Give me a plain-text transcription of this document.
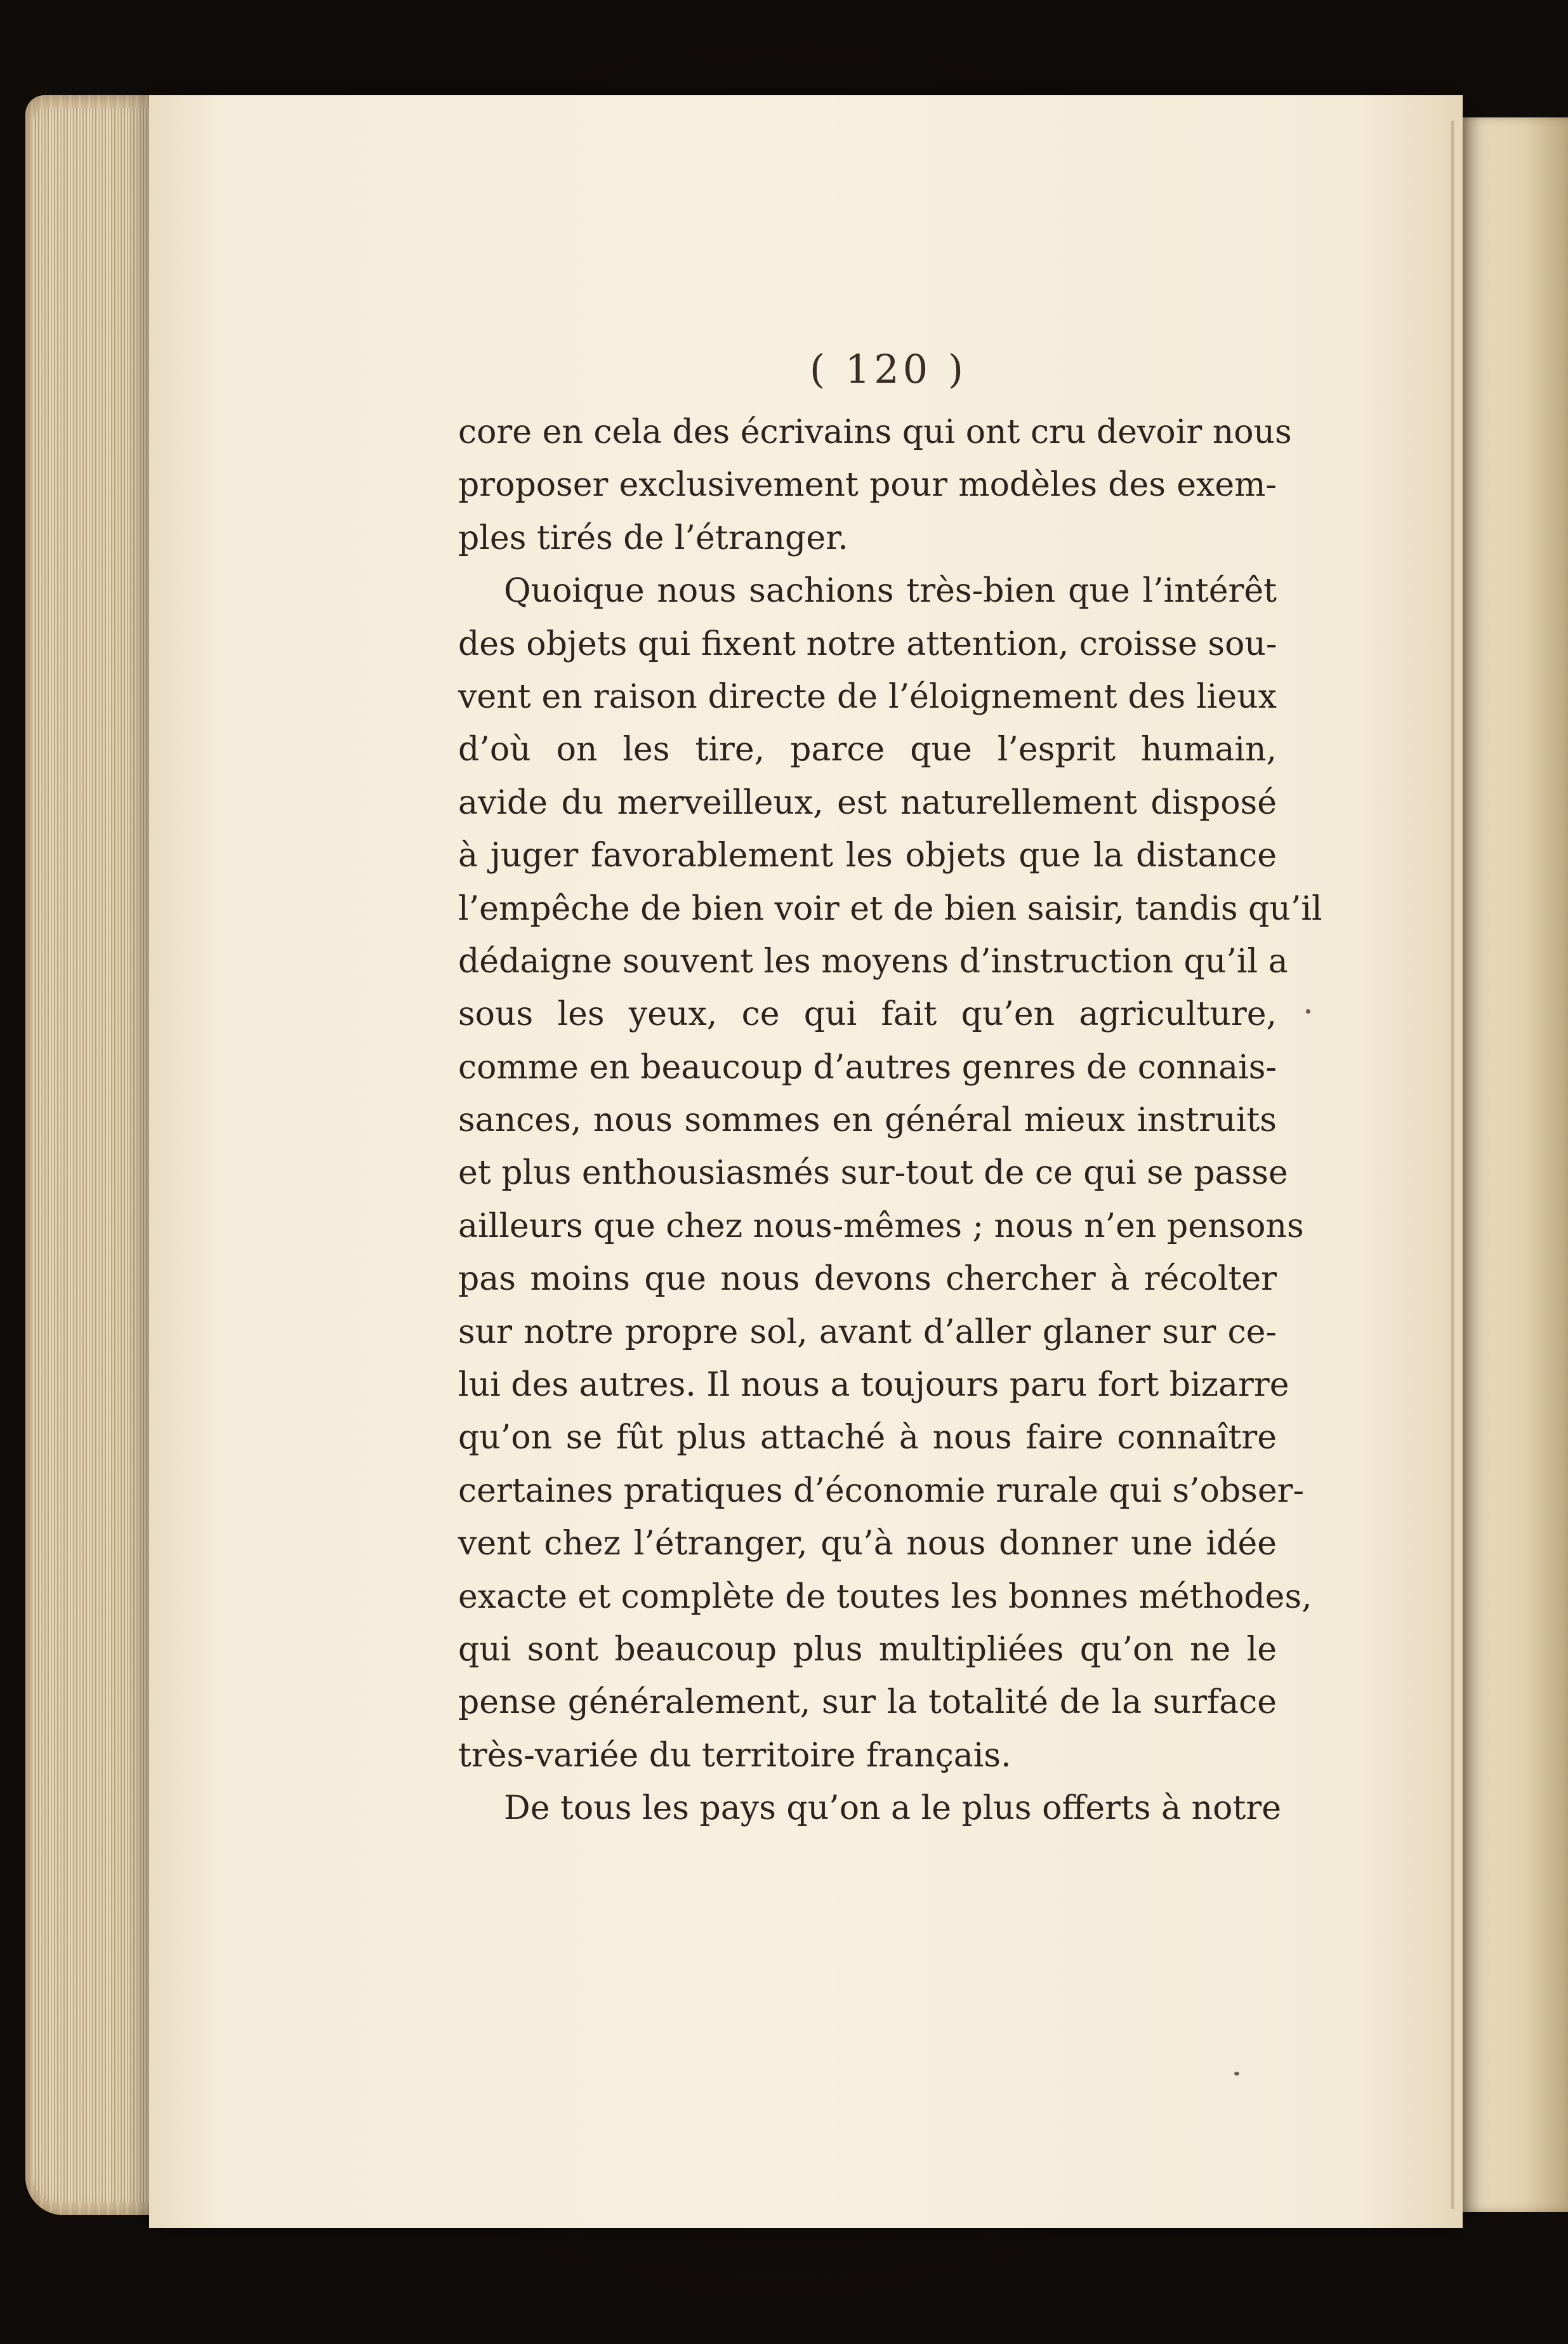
( 120 )
core en cela des écrivains qui ont cru devoir nous
proposer exclusivement pour modèles des exem-
ples tirés de l’étranger.
Quoique nous sachions très-bien que l’intérêt
des objets qui fixent notre attention, croisse sou-
vent en raison directe de l’éloignement des lieux
d’où on les tire, parce que l’esprit humain,
avide du merveilleux, est naturellement disposé
à juger favorablement les objets que la distance
l’empêche de bien voir et de bien saisir, tandis qu’il
dédaigne souvent les moyens d’instruction qu’il a
sous les yeux, ce qui fait qu’en agriculture,
comme en beaucoup d’autres genres de connais-
sances, nous sommes en général mieux instruits
et plus enthousiasmés sur-tout de ce qui se passe
ailleurs que chez nous-mêmes ; nous n’en pensons
pas moins que nous devons chercher à récolter
sur notre propre sol, avant d’aller glaner sur ce-
lui des autres. Il nous a toujours paru fort bizarre
qu’on se fût plus attaché à nous faire connaître
certaines pratiques d’économie rurale qui s’obser-
vent chez l’étranger, qu’à nous donner une idée
exacte et complète de toutes les bonnes méthodes,
qui sont beaucoup plus multipliées qu’on ne le
pense généralement, sur la totalité de la surface
très-variée du territoire français.
De tous les pays qu’on a le plus offerts à notre
